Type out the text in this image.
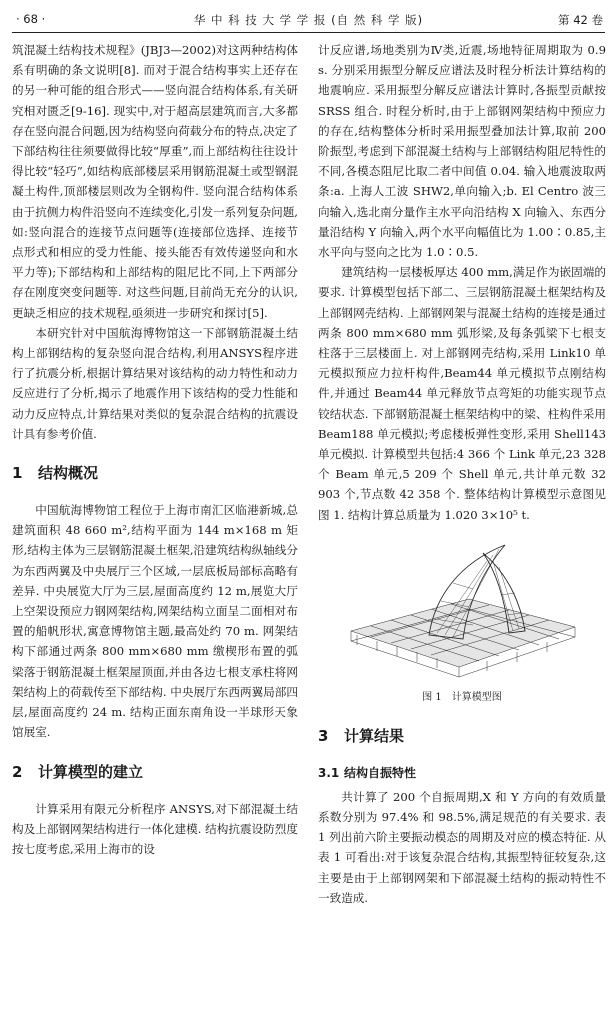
· 68 ·	华 中 科 技 大 学 学 报 (自 然 科 学 版)	第 42 卷

筑混凝土结构技术规程》(JBJ3—2002)对这两种结构体系有明确的条文说明[8]. 而对于混合结构事实上还存在的另一种可能的组合形式——竖向混合结构体系,有关研究相对匮乏[9-16]. 现实中,对于超高层建筑而言,大多都存在竖向混合问题,因为结构竖向荷载分布的特点,决定了下部结构往往须要做得比较“厚重”,而上部结构往往设计得比较“轻巧”,如结构底部楼层采用钢筋混凝土或型钢混凝土构件,顶部楼层则改为全钢构件. 竖向混合结构体系由于抗侧力构件沿竖向不连续变化,引发一系列复杂问题,如:竖向混合的连接节点问题等(连接部位选择、连接节点形式和相应的受力性能、接头能否有效传递竖向和水平力等);下部结构和上部结构的阻尼比不同,上下两部分存在刚度突变问题等. 对这些问题,目前尚无充分的认识,更缺乏相应的技术规程,亟须进一步研究和探讨[5].

本研究针对中国航海博物馆这一下部钢筋混凝土结构上部钢结构的复杂竖向混合结构,利用ANSYS程序进行了抗震分析,根据计算结果对该结构的动力特性和动力反应进行了分析,揭示了地震作用下该结构的受力性能和动力反应特点,计算结果对类似的复杂混合结构的抗震设计具有参考价值.

1 结构概况

中国航海博物馆工程位于上海市南汇区临港新城,总建筑面积 48 660 m²,结构平面为 144 m×168 m 矩形,结构主体为三层钢筋混凝土框架,沿建筑结构纵轴线分为东西两翼及中央展厅三个区域,一层底板局部标高略有差异. 中央展览大厅为三层,屋面高度约 12 m,展览大厅上空架设预应力钢网架结构,网架结构立面呈二面相对布置的船帆形状,寓意博物馆主题,最高处约 70 m. 网架结构下部通过两条 800 mm×680 mm 缴楔形布置的弧梁落于钢筋混凝土框架屋顶面,并由各边七根支承柱将网架结构上的荷载传至下部结构. 中央展厅东西两翼局部四层,屋面高度约 24 m. 结构正面东南角设一半球形天象馆展室.

2 计算模型的建立

计算采用有限元分析程序 ANSYS,对下部混凝土结构及上部钢网架结构进行一体化建模. 结构抗震设防烈度按七度考虑,采用上海市的设

计反应谱,场地类别为Ⅳ类,近震,场地特征周期取为 0.9 s. 分别采用振型分解反应谱法及时程分析法计算结构的地震响应. 采用振型分解反应谱法计算时,各振型贡献按 SRSS 组合. 时程分析时,由于上部钢网架结构中预应力的存在,结构整体分析时采用振型叠加法计算,取前 200 阶振型,考虑到下部混凝土结构与上部钢结构阻尼特性的不同,各模态阻尼比取二者中间值 0.04. 输入地震波取两条:a. 上海人工波 SHW2,单向输入;b. El Centro 波三向输入,选北南分量作主水平向沿结构 X 向输入、东西分量沿结构 Y 向输入,两个水平向幅值比为 1.00∶0.85,主水平向与竖向之比为 1.0∶0.5.

建筑结构一层楼板厚达 400 mm,满足作为嵌固端的要求. 计算模型包括下部二、三层钢筋混凝土框架结构及上部钢网壳结构. 上部钢网架与混凝土结构的连接是通过两条 800 mm×680 mm 弧形梁,及每条弧梁下七根支柱落于三层楼面上. 对上部钢网壳结构,采用 Link10 单元模拟预应力拉杆构件,Beam44 单元模拟节点刚结构件,并通过 Beam44 单元释放节点弯矩的功能实现节点铰结状态. 下部钢筋混凝土框架结构中的梁、柱构件采用 Beam188 单元模拟;考虑楼板弹性变形,采用 Shell143 单元模拟. 计算模型共包括:4 366 个 Link 单元,23 328 个 Beam 单元,5 209 个 Shell 单元,共计单元数 32 903 个,节点数 42 358 个. 整体结构计算模型示意图见图 1. 结构计算总质量为 1.020 3×10⁵ t.

图 1　计算模型图
3 计算结果
3.1 结构自振特性

共计算了 200 个自振周期,X 和 Y 方向的有效质量系数分别为 97.4% 和 98.5%,满足规范的有关要求. 表 1 列出前六阶主要振动模态的周期及对应的模态特征. 从表 1 可看出:对于该复杂混合结构,其振型特征较复杂,这主要是由于上部钢网架和下部混凝土结构的振动特性不一致造成.
